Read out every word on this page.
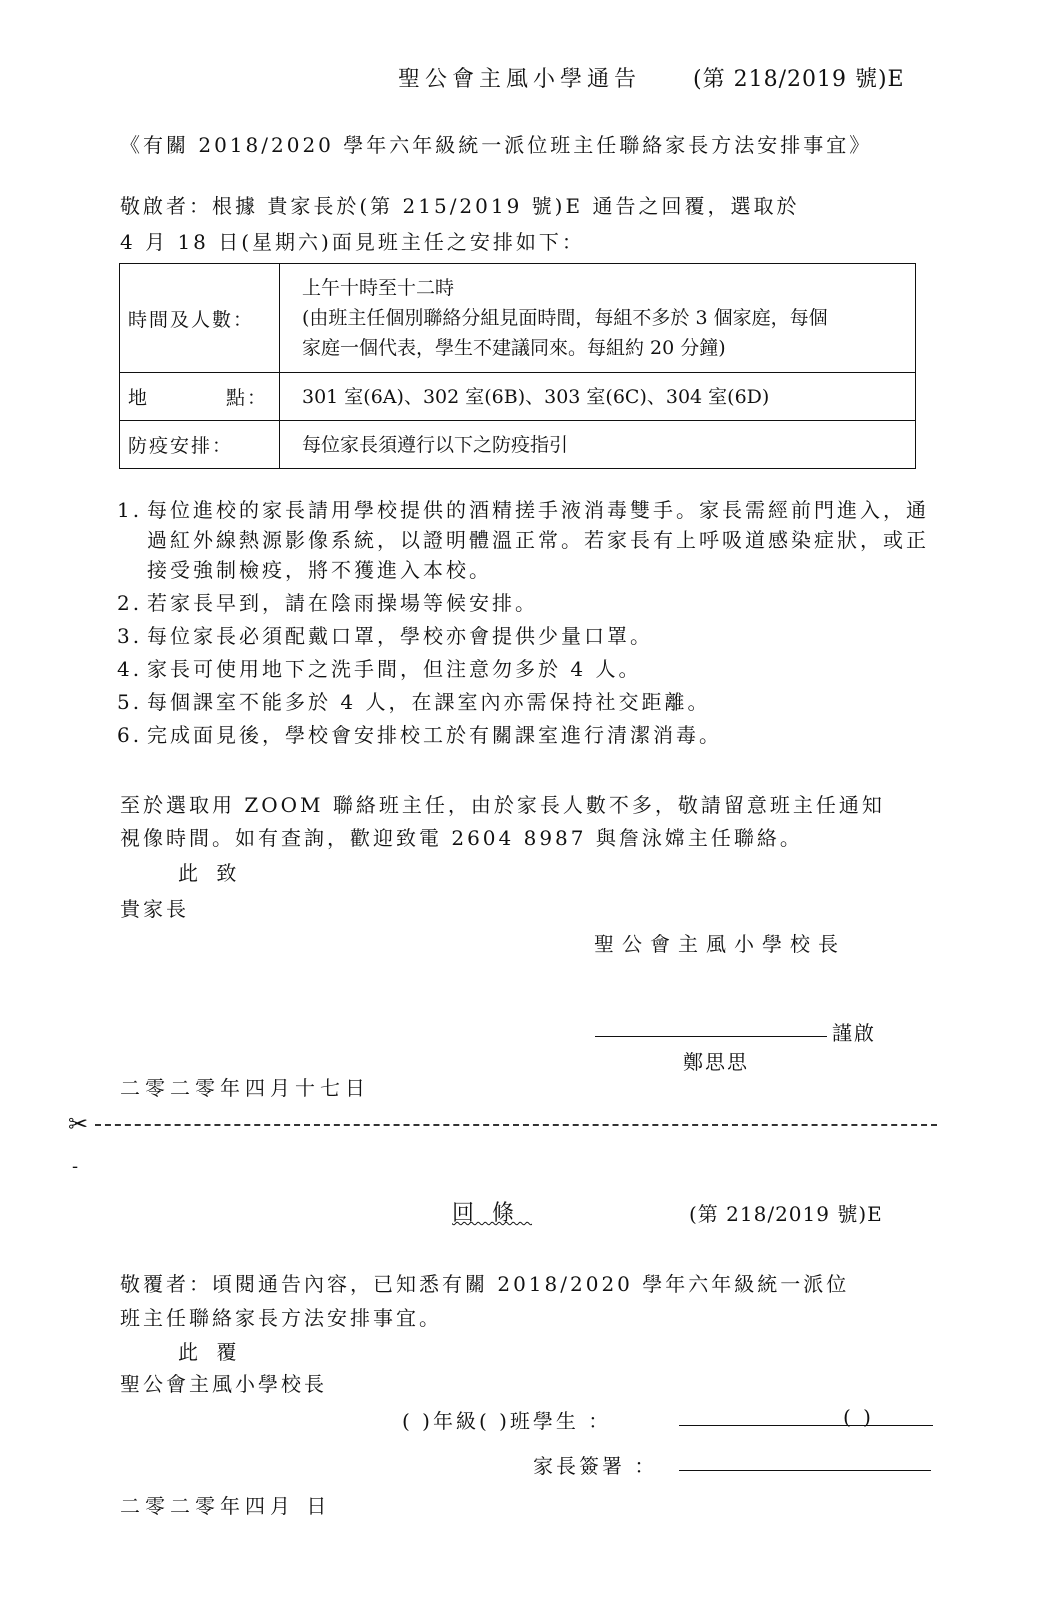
聖公會主風小學通告 (第 218/2019 號)E
《有關 2018/2020 學年六年級統一派位班主任聯絡家長方法安排事宜》
敬啟者：根據 貴家長於(第 215/2019 號)E 通告之回覆，選取於
4 月 18 日(星期六)面見班主任之安排如下：
時間及人數：	上午十時至十二時
(由班主任個別聯絡分組見面時間，每組不多於 3 個家庭，每個
家庭一個代表，學生不建議同來。每組約 20 分鐘)

地 點：	301 室(6A)、302 室(6B)、303 室(6C)、304 室(6D)
防疫安排：	每位家長須遵行以下之防疫指引
1. 每位進校的家長請用學校提供的酒精搓手液消毒雙手。家長需經前門進入，通過紅外線熱源影像系統，以證明體溫正常。若家長有上呼吸道感染症狀，或正接受強制檢疫，將不獲進入本校。
2. 若家長早到，請在陰雨操場等候安排。
3. 每位家長必須配戴口罩，學校亦會提供少量口罩。
4. 家長可使用地下之洗手間，但注意勿多於 4 人。
5. 每個課室不能多於 4 人，在課室內亦需保持社交距離。
6. 完成面見後，學校會安排校工於有關課室進行清潔消毒。
至於選取用 ZOOM 聯絡班主任，由於家長人數不多，敬請留意班主任通知
視像時間。如有查詢，歡迎致電 2604 8987 與詹泳嫦主任聯絡。
此 致
貴家長
聖公會主風小學校長
謹啟
鄭思思
二零二零年四月十七日
✂
-
回條	(第 218/2019 號)E
敬覆者：頃閱通告內容，已知悉有關 2018/2020 學年六年級統一派位
班主任聯絡家長方法安排事宜。
此 覆
聖公會主風小學校長
( )年級( )班學生 ：	( )
家長簽署 ：
二零二零年四月 日
